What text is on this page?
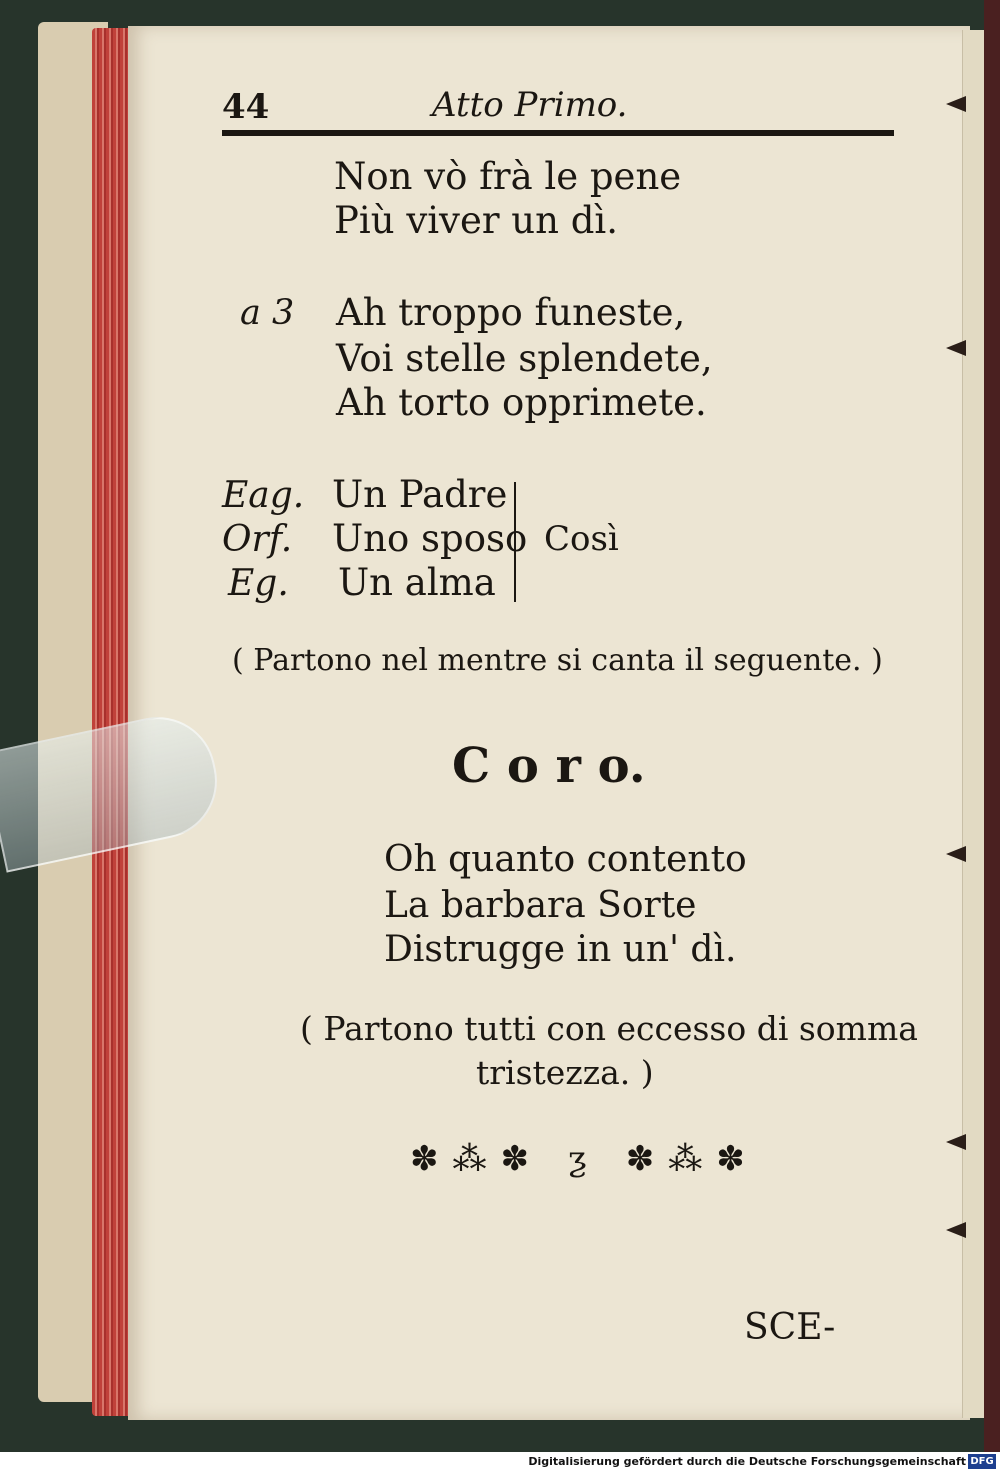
44	Atto Primo.
Non vò frà le pene
Più viver un dì.
a 3 Ah troppo funeste,
Voi stelle splendete,
Ah torto opprimete.
Eag.
Orf.
Eg.
Un Padre
Uno sposo
Un alma
Così
( Partono nel mentre si canta il seguente. )
C o r o.
Oh quanto contento
La barbara Sorte
Distrugge in un' dì.
( Partono tutti con eccesso di somma
tristezza. )
✽⁂✽ ƺ ✽⁂✽
SCE-
Digitalisierung gefördert durch die Deutsche Forschungsgemeinschaft DFG
